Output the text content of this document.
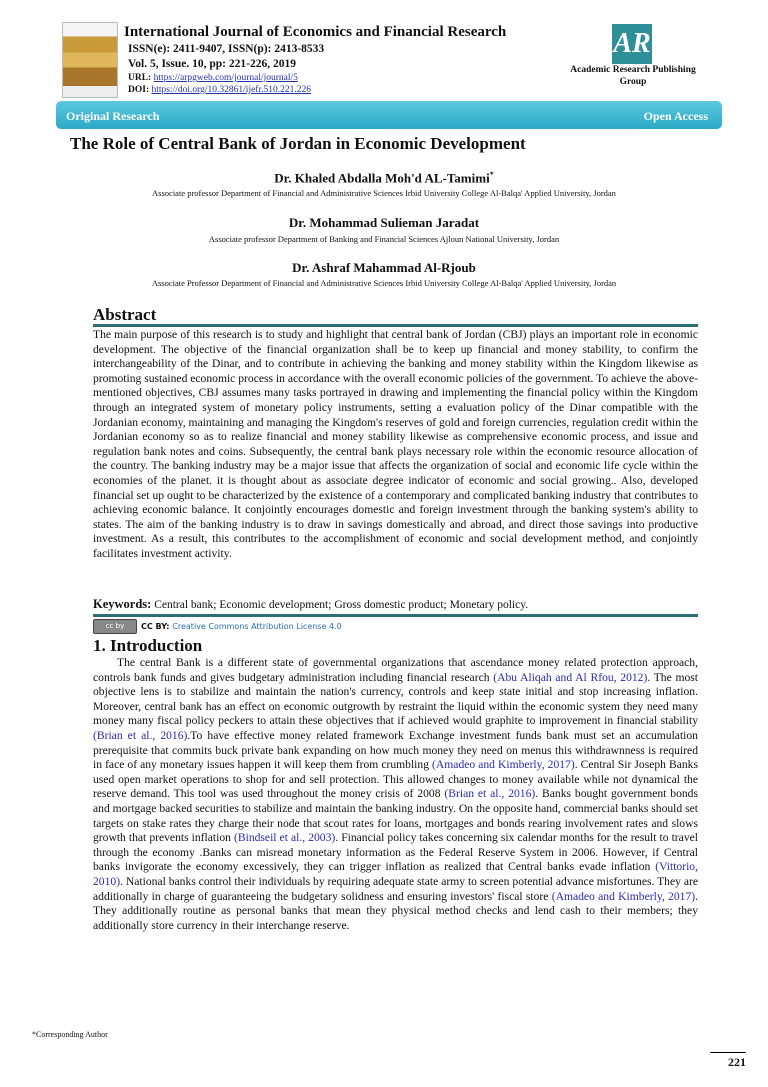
International Journal of Economics and Financial Research
ISSN(e): 2411-9407, ISSN(p): 2413-8533
Vol. 5, Issue. 10, pp: 221-226, 2019
URL: https://arpgweb.com/journal/journal/5
DOI: https://doi.org/10.32861/ijefr.510.221.226
AR
Academic Research Publishing Group
Original Research	Open Access
The Role of Central Bank of Jordan in Economic Development
Dr. Khaled Abdalla Moh'd AL-Tamimi*
Associate professor Department of Financial and Administrative Sciences Irbid University College Al-Balqa' Applied University, Jordan
Dr. Mohammad Sulieman Jaradat
Associate professor Department of Banking and Financial Sciences Ajloun National University, Jordan
Dr. Ashraf Mahammad Al-Rjoub
Associate Professor Department of Financial and Administrative Sciences Irbid University College Al-Balqa' Applied University, Jordan
Abstract
The main purpose of this research is to study and highlight that central bank of Jordan (CBJ) plays an important role in economic development. The objective of the financial organization shall be to keep up financial and money stability, to confirm the interchangeability of the Dinar, and to contribute in achieving the banking and money stability within the Kingdom likewise as promoting sustained economic process in accordance with the overall economic policies of the government. To achieve the above- mentioned objectives, CBJ assumes many tasks portrayed in drawing and implementing the financial policy within the Kingdom through an integrated system of monetary policy instruments, setting a evaluation policy of the Dinar compatible with the Jordanian economy, maintaining and managing the Kingdom's reserves of gold and foreign currencies, regulation credit within the Jordanian economy so as to realize financial and money stability likewise as comprehensive economic process, and issue and regulation bank notes and coins. Subsequently, the central bank plays necessary role within the economic resource allocation of the country. The banking industry may be a major issue that affects the organization of social and economic life cycle within the economies of the planet. it is thought about as associate degree indicator of economic and social growing.. Also, developed financial set up ought to be characterized by the existence of a contemporary and complicated banking industry that contributes to achieving economic balance. It conjointly encourages domestic and foreign investment through the banking system's ability to states. The aim of the banking industry is to draw in savings domestically and abroad, and direct those savings into productive investment. As a result, this contributes to the accomplishment of economic and social development method, and conjointly facilitates investment activity.
Keywords: Central bank; Economic development; Gross domestic product; Monetary policy.
cc by CC BY: Creative Commons Attribution License 4.0
1. Introduction
The central Bank is a different state of governmental organizations that ascendance money related protection approach, controls bank funds and gives budgetary administration including financial research (Abu Aliqah and Al Rfou, 2012). The most objective lens is to stabilize and maintain the nation's currency, controls and keep state initial and stop increasing inflation. Moreover, central bank has an effect on economic outgrowth by restraint the liquid within the economic system they need many money many fiscal policy peckers to attain these objectives that if achieved would graphite to improvement in financial stability (Brian et al., 2016).To have effective money related framework Exchange investment funds bank must set an accumulation prerequisite that commits buck private bank expanding on how much money they need on menus this withdrawnness is required in face of any monetary issues happen it will keep them from crumbling (Amadeo and Kimberly, 2017). Central Sir Joseph Banks used open market operations to shop for and sell protection. This allowed changes to money available while not dynamical the reserve demand. This tool was used throughout the money crisis of 2008 (Brian et al., 2016). Banks bought government bonds and mortgage backed securities to stabilize and maintain the banking industry. On the opposite hand, commercial banks should set targets on stake rates they charge their node that scout rates for loans, mortgages and bonds rearing involvement rates and slows growth that prevents inflation (Bindseil et al., 2003). Financial policy takes concerning six calendar months for the result to travel through the economy .Banks can misread monetary information as the Federal Reserve System in 2006. However, if Central banks invigorate the economy excessively, they can trigger inflation as realized that Central banks evade inflation (Vittorio, 2010). National banks control their individuals by requiring adequate state army to screen potential advance misfortunes. They are additionally in charge of guaranteeing the budgetary solidness and ensuring investors' fiscal store (Amadeo and Kimberly, 2017). They additionally routine as personal banks that mean they physical method checks and lend cash to their members; they additionally store currency in their interchange reserve.
*Corresponding Author
221
